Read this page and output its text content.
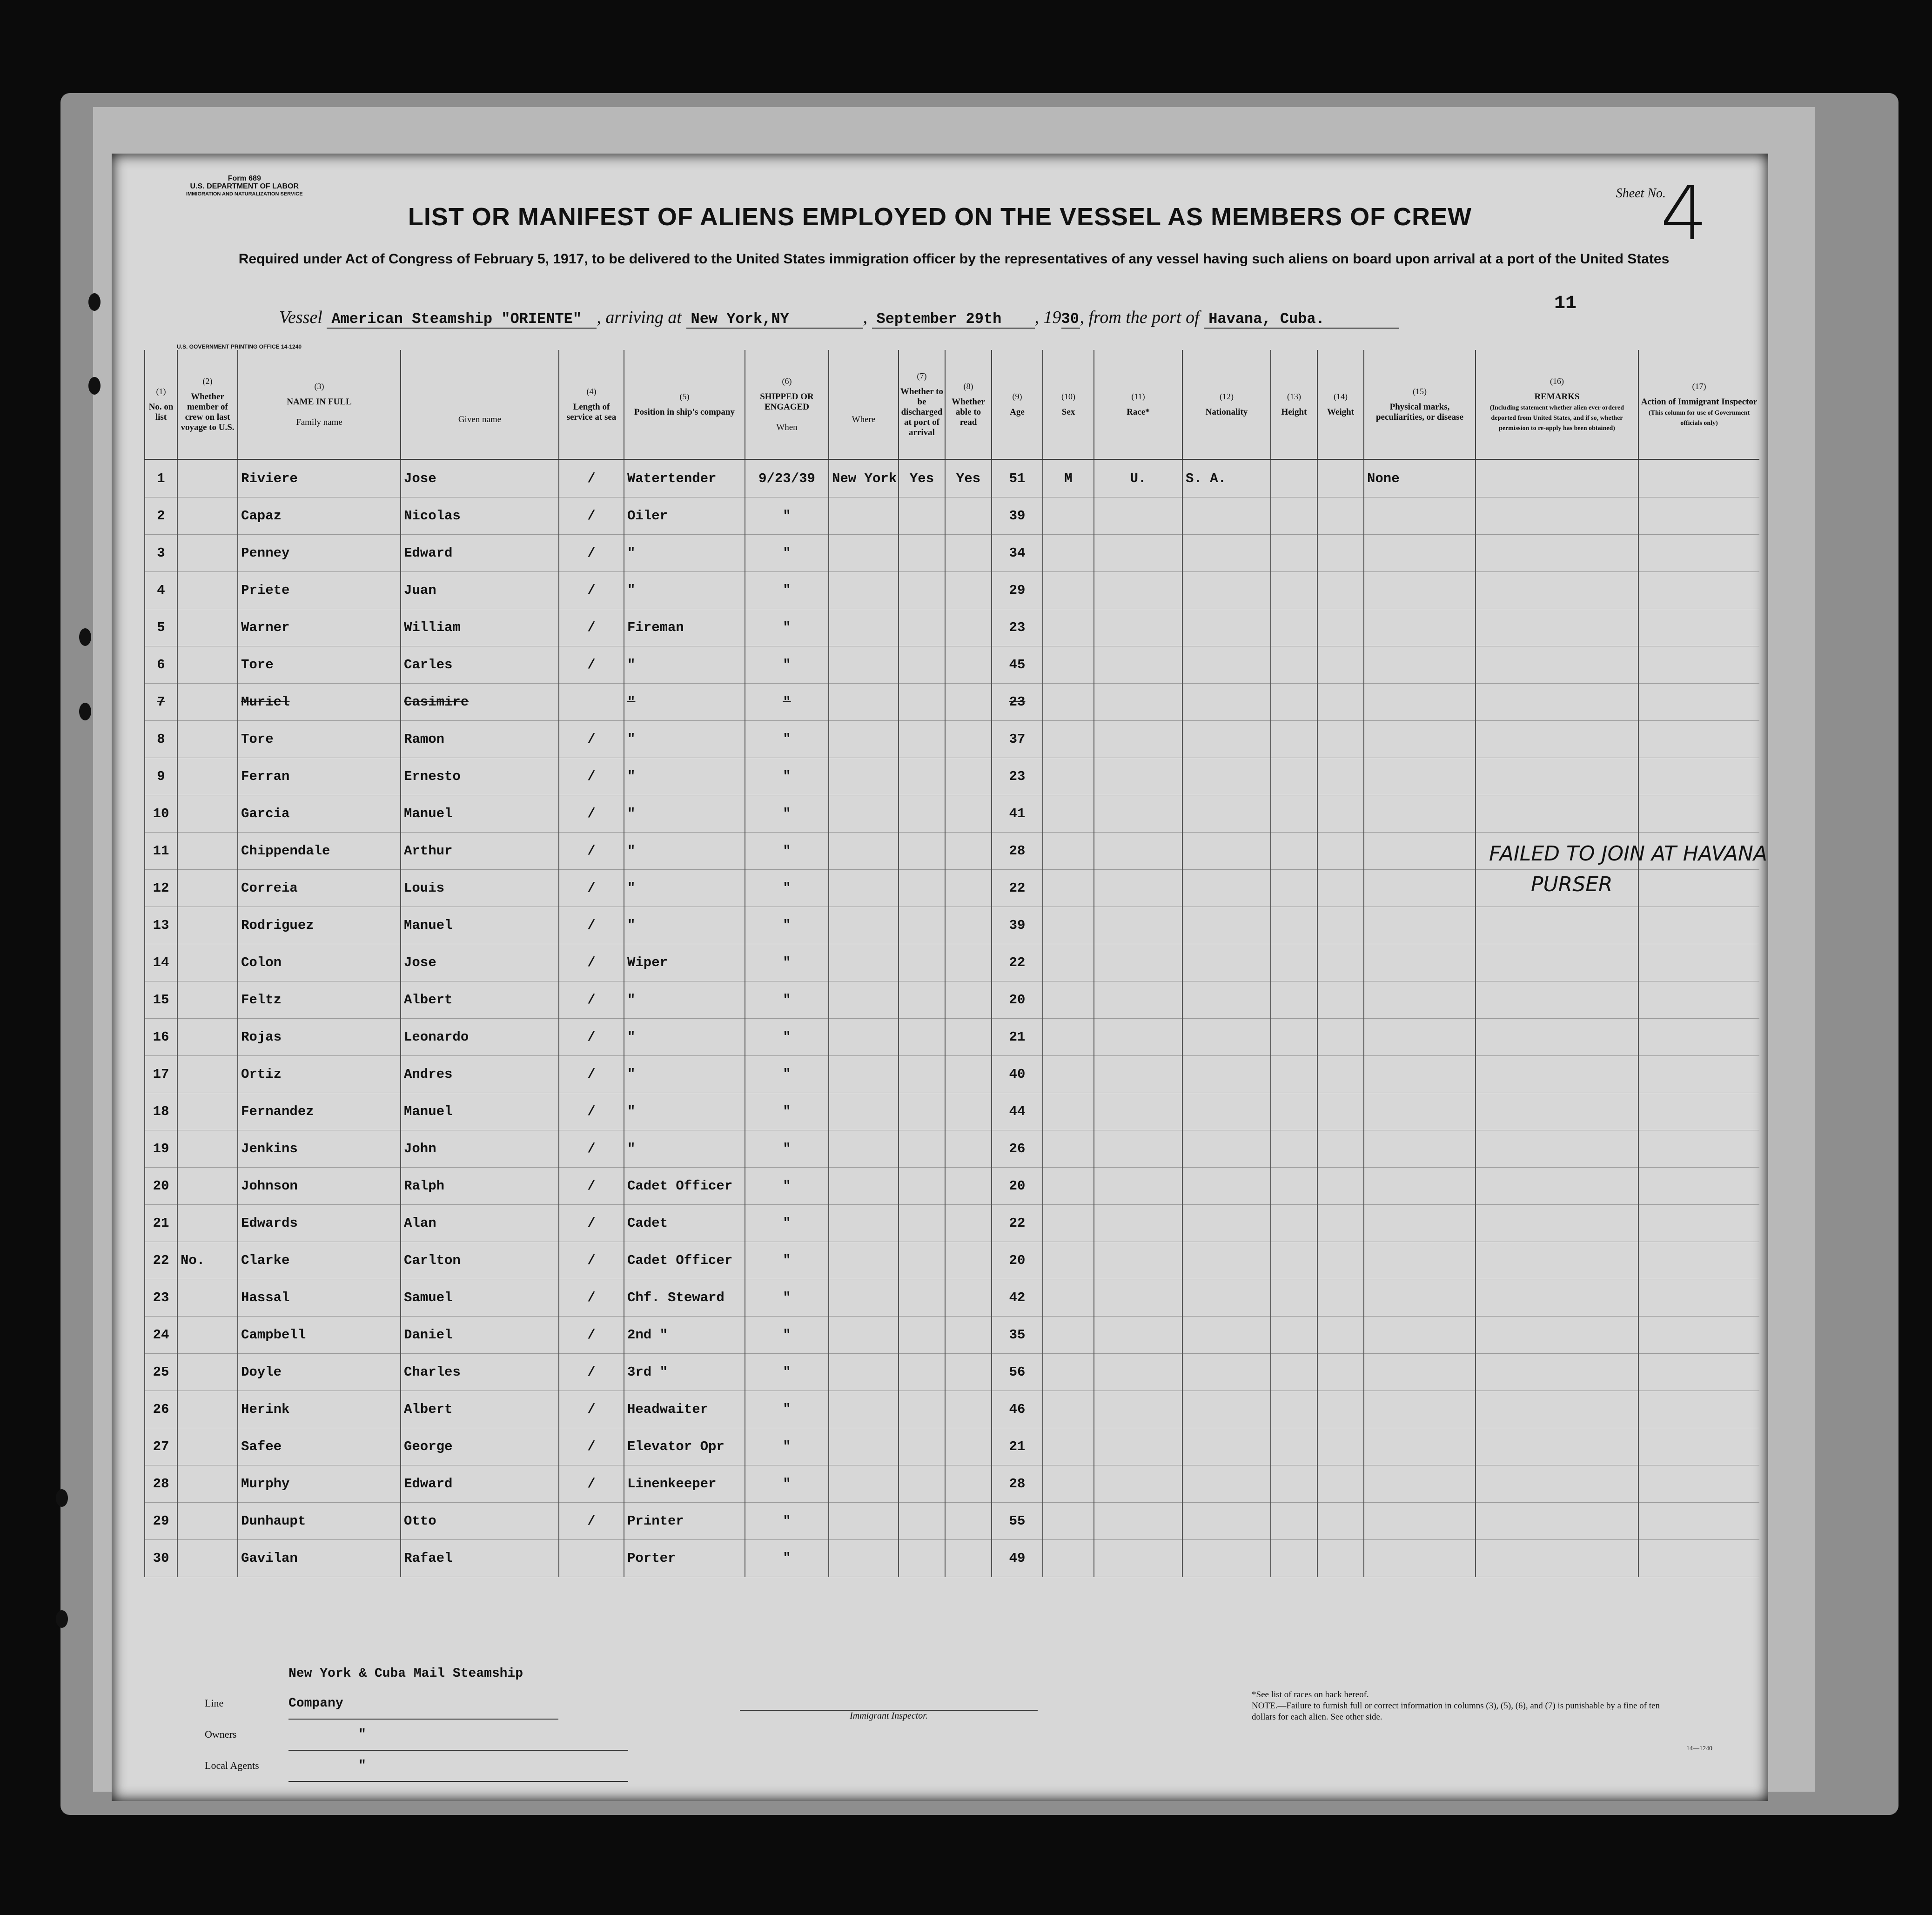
Form 689
U.S. DEPARTMENT OF LABOR
IMMIGRATION AND NATURALIZATION SERVICE	Sheet No.
4
LIST OR MANIFEST OF ALIENS EMPLOYED ON THE VESSEL AS MEMBERS OF CREW
Required under Act of Congress of February 5, 1917, to be delivered to the United States immigration officer by the representatives of any vessel having such aliens on board upon arrival at a port of the United States
11
Vessel American Steamship "ORIENTE" , arriving at New York,NY	, September 29th , 1930, from the port of Havana, Cuba.
U.S. GOVERNMENT PRINTING OFFICE 14-1240
(1)
No. on list	(2)
Whether member of crew on last voyage to U.S.	(3)
NAME IN FULL

Family name	Given name	(4)
Length of service at sea	(5)
Position in ship's company	(6)
SHIPPED OR ENGAGED

When	Where	(7)
Whether to be discharged at port of arrival	(8)
Whether able to read	(9)
Age	(10)
Sex	(11)
Race*	(12)
Nationality	(13)
Height	(14)
Weight	(15)
Physical marks, peculiarities, or disease	(16)
REMARKS
(Including statement whether alien ever ordered deported from United States, and if so, whether permission to re-apply has been obtained)	(17)
Action of Immigrant Inspector
(This column for use of Government officials only)
1		Riviere	Jose	/	Watertender	9/23/39	New York	Yes	Yes	51	M	U.	S. A.			None		
2		Capaz	Nicolas	/	Oiler	"				39								
3		Penney	Edward	/	"	"				34								
4		Priete	Juan	/	"	"				29								
5		Warner	William	/	Fireman	"				23								
6		Tore	Carles	/	"	"				45								
7		Muriel	Casimire		"	"				23								
8		Tore	Ramon	/	"	"				37								
9		Ferran	Ernesto	/	"	"				23								
10		Garcia	Manuel	/	"	"				41								
11		Chippendale	Arthur	/	"	"				28								
12		Correia	Louis	/	"	"				22								
13		Rodriguez	Manuel	/	"	"				39								
14		Colon	Jose	/	Wiper	"				22								
15		Feltz	Albert	/	"	"				20								
16		Rojas	Leonardo	/	"	"				21								
17		Ortiz	Andres	/	"	"				40								
18		Fernandez	Manuel	/	"	"				44								
19		Jenkins	John	/	"	"				26								
20		Johnson	Ralph	/	Cadet Officer	"				20								
21		Edwards	Alan	/	Cadet	"				22								
22	No.	Clarke	Carlton	/	Cadet Officer	"				20								
23		Hassal	Samuel	/	Chf. Steward	"				42								
24		Campbell	Daniel	/	2nd "	"				35								
25		Doyle	Charles	/	3rd "	"				56								
26		Herink	Albert	/	Headwaiter	"				46								
27		Safee	George	/	Elevator Opr	"				21								
28		Murphy	Edward	/	Linenkeeper	"				28								
29		Dunhaupt	Otto	/	Printer	"				55								
30		Gavilan	Rafael		Porter	"				49								
FAILED TO JOIN AT HAVANA
PURSER
LineNew York & Cuba Mail Steamship Company
Owners	"
Local Agents	"

Immigrant Inspector.
*See list of races on back hereof.
NOTE.—Failure to furnish full or correct information in columns (3), (5), (6), and (7) is punishable by a fine of ten dollars for each alien. See other side.
14—1240
